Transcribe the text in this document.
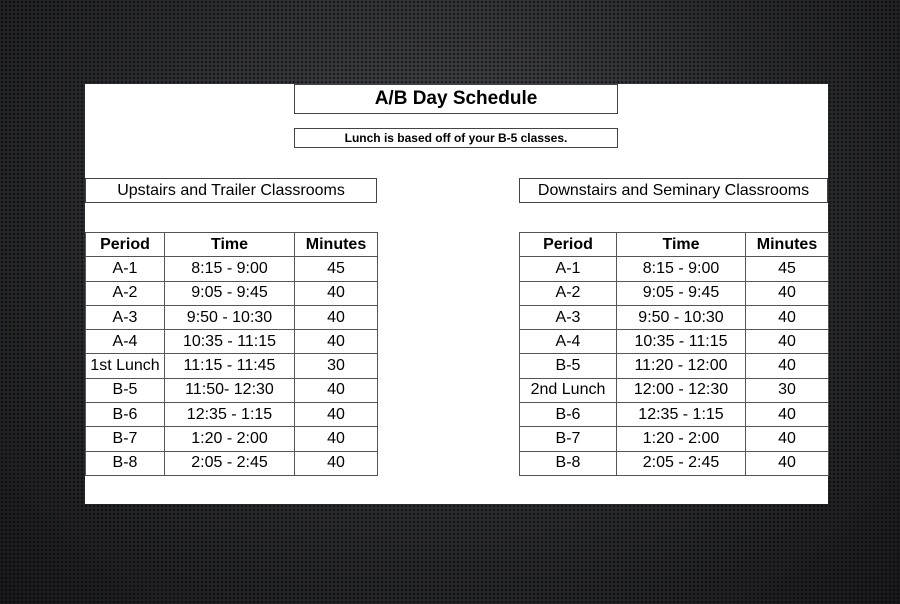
A/B Day Schedule
Lunch is based off of your B-5 classes.
Upstairs and Trailer Classrooms	Downstairs and Seminary Classrooms
Period	Time	Minutes
A-1	8:15 - 9:00	45
A-2	9:05 - 9:45	40
A-3	9:50 - 10:30	40
A-4	10:35 - 11:15	40
1st Lunch	11:15 - 11:45	30
B-5	11:50- 12:30	40
B-6	12:35 - 1:15	40
B-7	1:20 - 2:00	40
B-8	2:05 - 2:45	40
Period	Time	Minutes
A-1	8:15 - 9:00	45
A-2	9:05 - 9:45	40
A-3	9:50 - 10:30	40
A-4	10:35 - 11:15	40
B-5	11:20 - 12:00	40
2nd Lunch	12:00 - 12:30	30
B-6	12:35 - 1:15	40
B-7	1:20 - 2:00	40
B-8	2:05 - 2:45	40
